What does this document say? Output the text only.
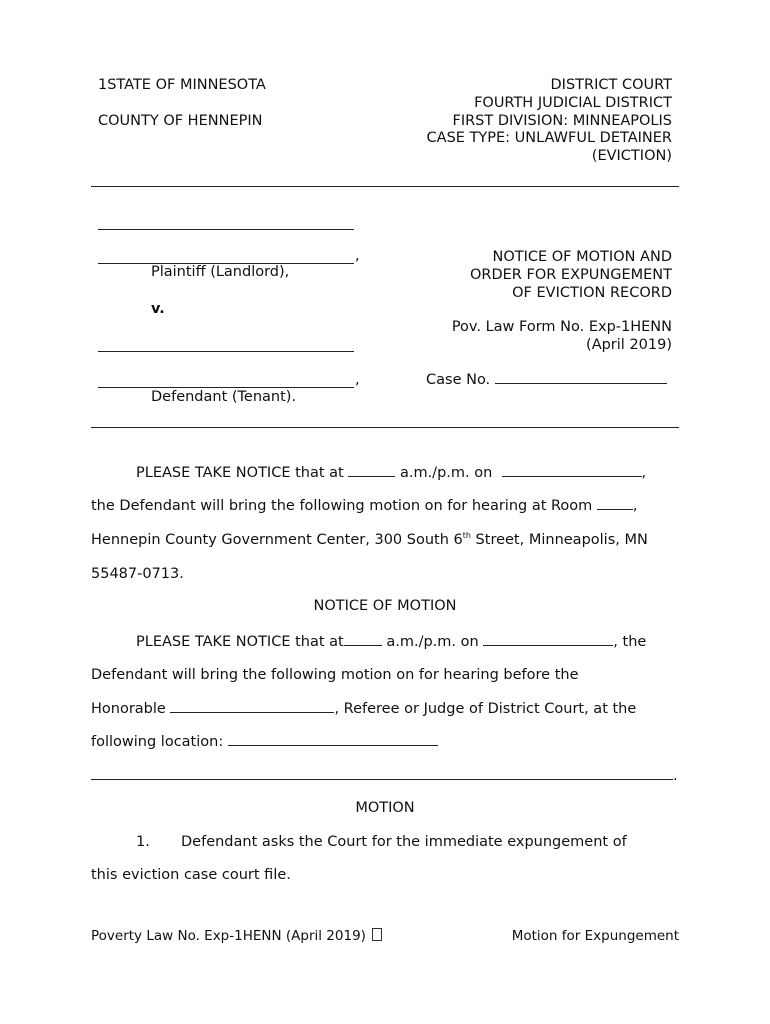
1STATE OF MINNESOTA
COUNTY OF HENNEPIN
DISTRICT COURT
FOURTH JUDICIAL DISTRICT
FIRST DIVISION: MINNEAPOLIS
CASE TYPE: UNLAWFUL DETAINER
(EVICTION)
,
Plaintiff (Landlord),
v.
,
Defendant (Tenant).
NOTICE OF MOTION AND
ORDER FOR EXPUNGEMENT
OF EVICTION RECORD
Pov. Law Form No. Exp-1HENN
(April 2019)
Case No.
PLEASE TAKE NOTICE that at	a.m./p.m. on	,
the Defendant will bring the following motion on for hearing at Room	,
Hennepin County Government Center, 300 South 6th Street, Minneapolis, MN
55487-0713.
NOTICE OF MOTION
PLEASE TAKE NOTICE that at	a.m./p.m. on	, the
Defendant will bring the following motion on for hearing before the
Honorable	, Referee or Judge of District Court, at the
following location:
.
MOTION
1. Defendant asks the Court for the immediate expungement of
this eviction case court file.
Poverty Law No. Exp-1HENN (April 2019)	Motion for Expungement
